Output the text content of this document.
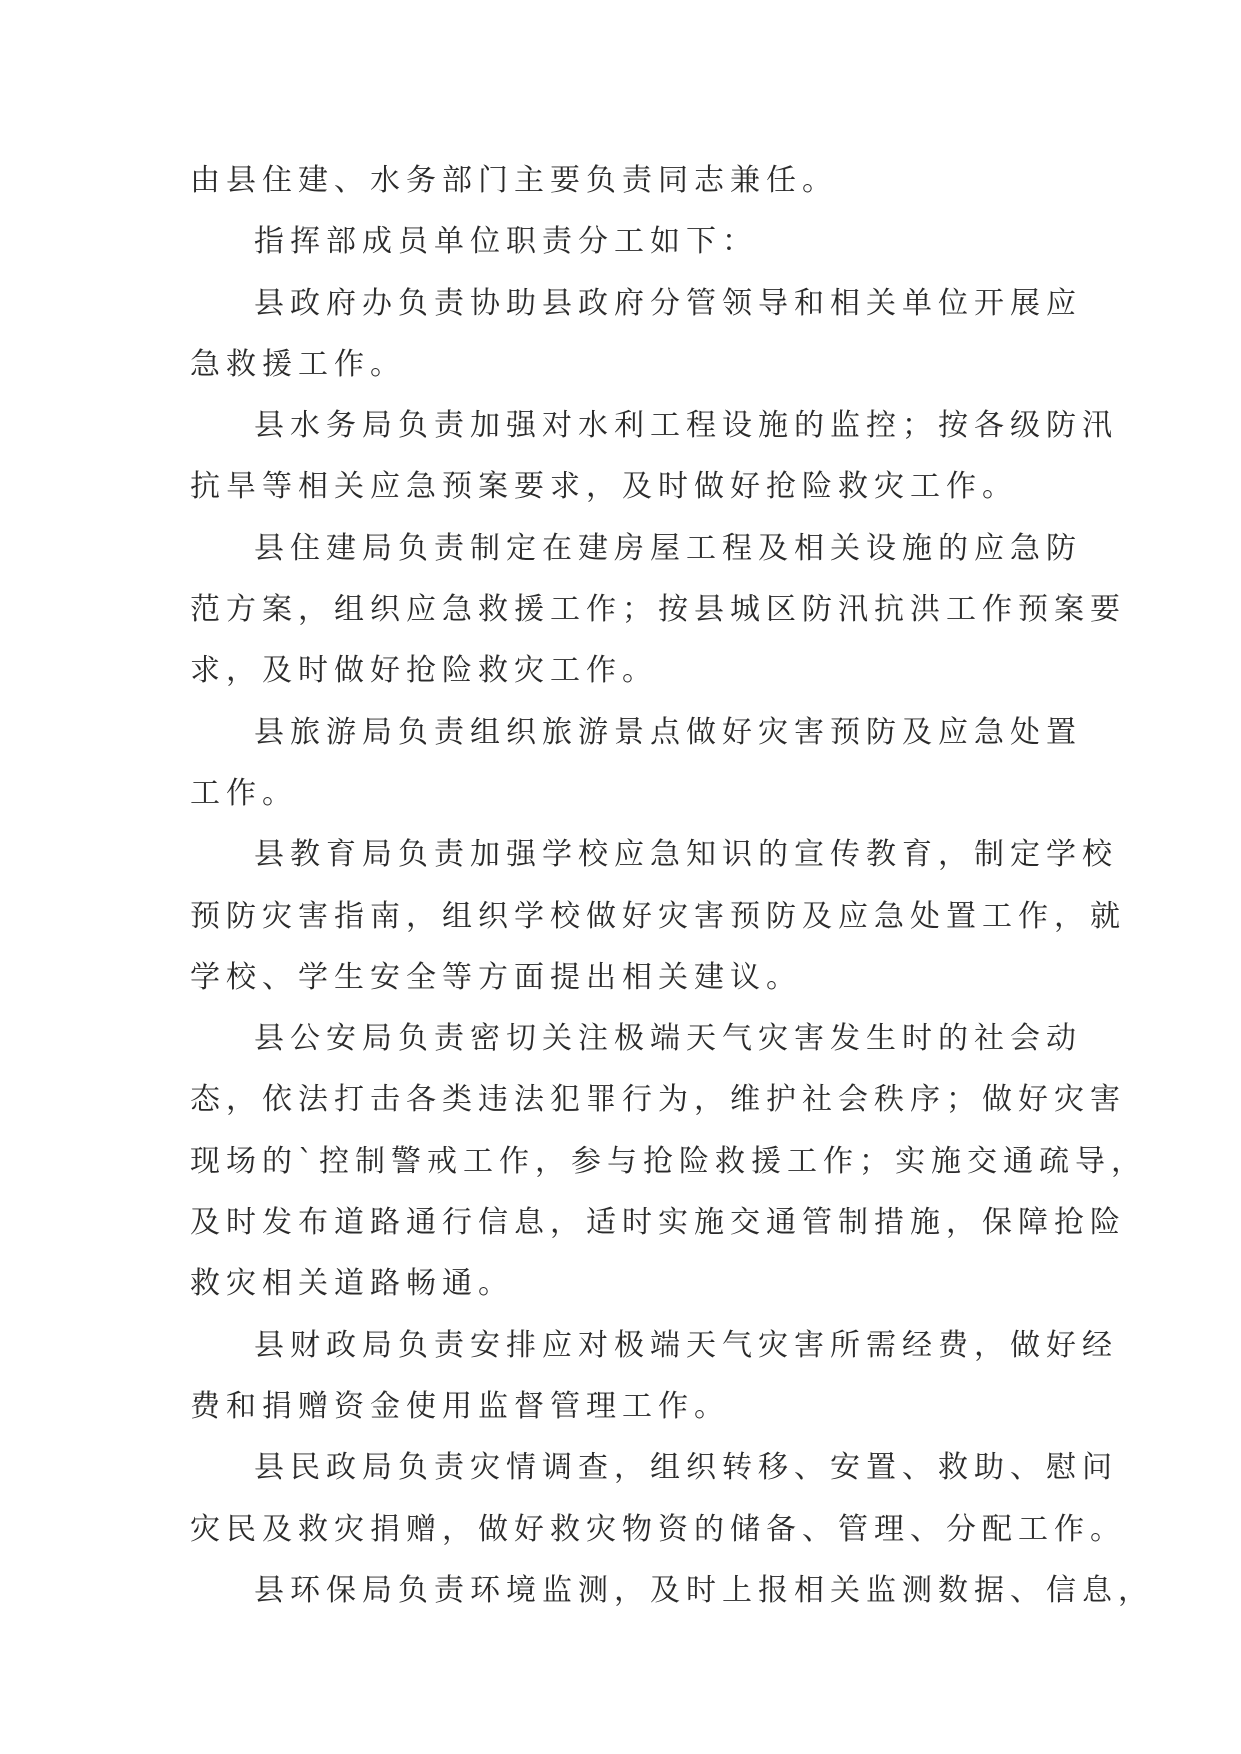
由县住建、水务部门主要负责同志兼任。
指挥部成员单位职责分工如下：
县政府办负责协助县政府分管领导和相关单位开展应
急救援工作。
县水务局负责加强对水利工程设施的监控；按各级防汛
抗旱等相关应急预案要求，及时做好抢险救灾工作。
县住建局负责制定在建房屋工程及相关设施的应急防
范方案，组织应急救援工作；按县城区防汛抗洪工作预案要
求，及时做好抢险救灾工作。
县旅游局负责组织旅游景点做好灾害预防及应急处置
工作。
县教育局负责加强学校应急知识的宣传教育，制定学校
预防灾害指南，组织学校做好灾害预防及应急处置工作，就
学校、学生安全等方面提出相关建议。
县公安局负责密切关注极端天气灾害发生时的社会动
态，依法打击各类违法犯罪行为，维护社会秩序；做好灾害
现场的`控制警戒工作，参与抢险救援工作；实施交通疏导，
及时发布道路通行信息，适时实施交通管制措施，保障抢险
救灾相关道路畅通。
县财政局负责安排应对极端天气灾害所需经费，做好经
费和捐赠资金使用监督管理工作。
县民政局负责灾情调查，组织转移、安置、救助、慰问
灾民及救灾捐赠，做好救灾物资的储备、管理、分配工作。
县环保局负责环境监测，及时上报相关监测数据、信息，
